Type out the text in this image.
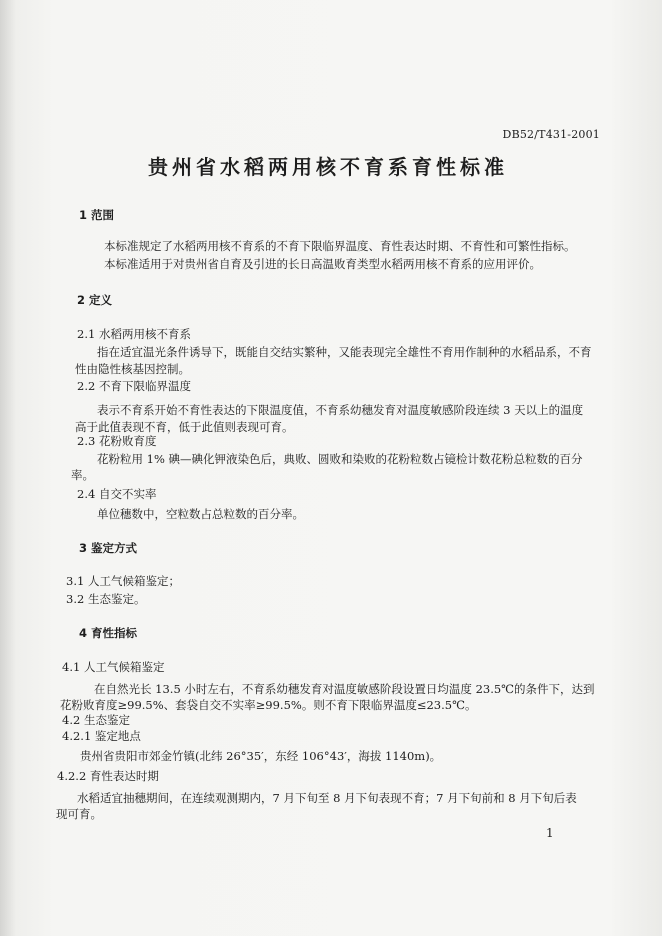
DB52/T431-2001
贵州省水稻两用核不育系育性标准
1 范围
本标准规定了水稻两用核不育系的不育下限临界温度、育性表达时期、不育性和可繁性指标。
本标准适用于对贵州省自育及引进的长日高温败育类型水稻两用核不育系的应用评价。
2 定义
2.1 水稻两用核不育系
指在适宜温光条件诱导下，既能自交结实繁种，又能表现完全雄性不育用作制种的水稻品系，不育
性由隐性核基因控制。
2.2 不育下限临界温度
表示不育系开始不育性表达的下限温度值，不育系幼穗发育对温度敏感阶段连续 3 天以上的温度
高于此值表现不育，低于此值则表现可育。
2.3 花粉败育度
花粉粒用 1% 碘—碘化钾液染色后，典败、圆败和染败的花粉粒数占镜检计数花粉总粒数的百分
率。
2.4 自交不实率
单位穗数中，空粒数占总粒数的百分率。
3 鉴定方式
3.1 人工气候箱鉴定；
3.2 生态鉴定。
4 育性指标
4.1 人工气候箱鉴定
在自然光长 13.5 小时左右，不育系幼穗发育对温度敏感阶段设置日均温度 23.5℃的条件下，达到
花粉败育度≥99.5%、套袋自交不实率≥99.5%。则不育下限临界温度≤23.5℃。
4.2 生态鉴定
4.2.1 鉴定地点
贵州省贵阳市郊金竹镇(北纬 26°35′，东经 106°43′，海拔 1140m)。
4.2.2 育性表达时期
水稻适宜抽穗期间，在连续观测期内，7 月下旬至 8 月下旬表现不育；7 月下旬前和 8 月下旬后表
现可育。
1
